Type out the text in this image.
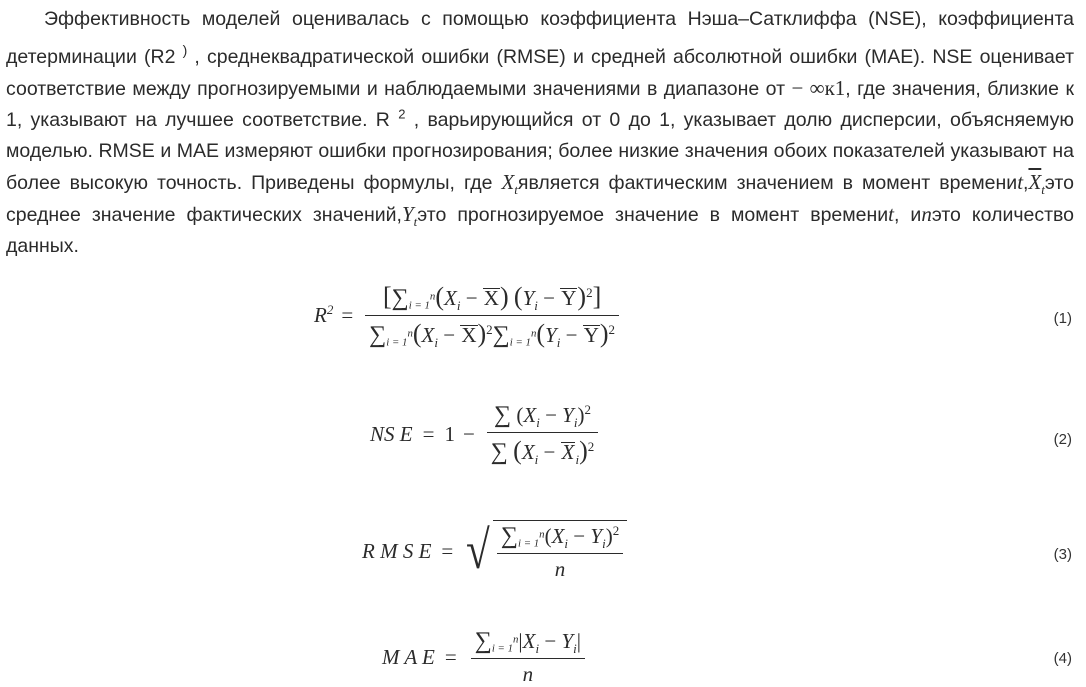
Эффективность моделей оценивалась с помощью коэффициента Нэша–Сатклиффа (NSE), коэффициента детерминации (R2 ) , среднеквадратической ошибки (RMSE) и средней абсолютной ошибки (MAE). NSE оценивает соответствие между прогнозируемыми и наблюдаемыми значениями в диапазоне от − ∞к1, где значения, близкие к 1, указывают на лучшее соответствие. R $^2$ , варьирующийся от 0 до 1, указывает долю дисперсии, объясняемую моделью. RMSE и MAE измеряют ошибки прогнозирования; более низкие значения обоих показателей указывают на более высокую точность. Приведены формулы, где $X_tявляется$ фактическим значением в момент $времениt,\overline{X}_tэто$ среднее значение фактических $значений,Y_tэто$ прогнозируемое значение в момент времениt, иnэто количество данных.

$R^2 = \frac{[\sum_{i = 1}^n(X_i - X) (Y_i - Y)^2]}{\sum_{i = 1}^n(X_i - X)^2\sum_{i = 1}^n(Y_i - Y)^2}$	(1)
NS $E = 1 - \frac{\sum (X_i - Y_i)^2}{\sum (X_i - X_i)^2}$	(2)
R M S E = √ $\frac{\sum_{i = 1}^n(X_i - Y_i)^2}{n}$	(3)
M A $E = \frac{\sum_{i = 1}^n|X_i - Y_i|}{n}$	(4)
